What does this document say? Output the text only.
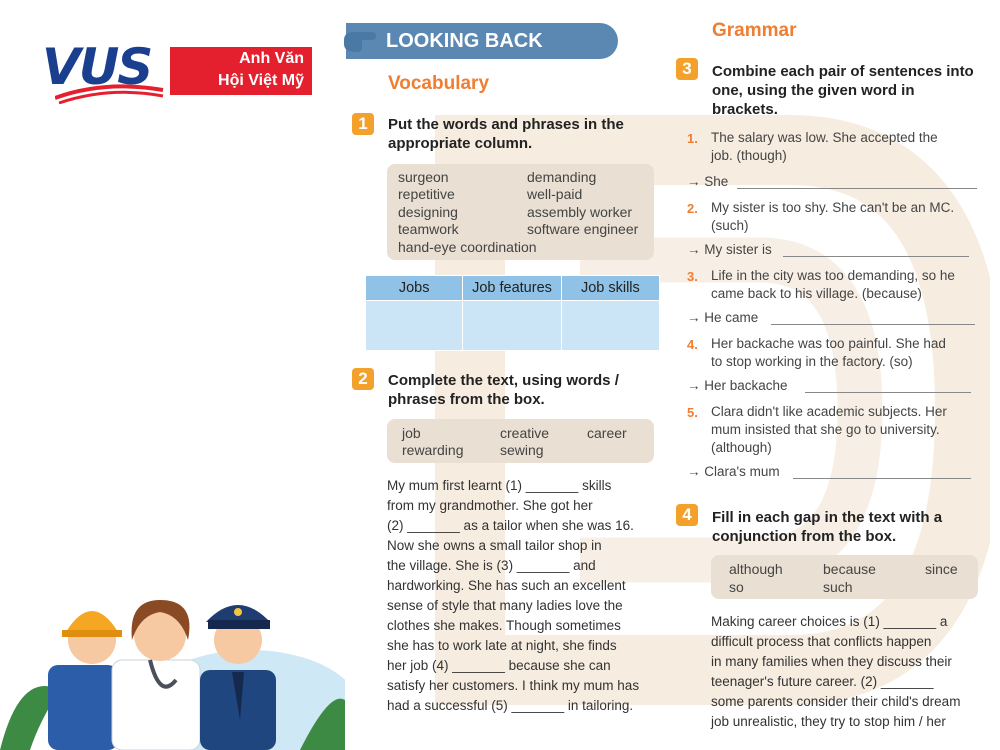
VUS	Anh Văn
Hội Việt Mỹ
LOOKING BACK
Vocabulary
1	Put the words and phrases in the appropriate column.
surgeon	demanding
repetitive	well-paid
designing	assembly worker
teamwork	software engineer
hand-eye coordination
Jobs	Job features	Job skills

2	Complete the text, using words / phrases from the box.
job	creative	career
rewarding	sewing
My mum first learnt (1) _______ skills
from my grandmother. She got her
(2) _______ as a tailor when she was 16.
Now she owns a small tailor shop in
the village. She is (3) _______ and
hardworking. She has such an excellent
sense of style that many ladies love the
clothes she makes. Though sometimes
she has to work late at night, she finds
her job (4) _______ because she can
satisfy her customers. I think my mum has
had a successful (5) _______ in tailoring.
Grammar
3	Combine each pair of sentences into one, using the given word in brackets.
1. The salary was low. She accepted the
job. (though)
→ She
2. My sister is too shy. She can't be an MC.
(such)
→ My sister is
3. Life in the city was too demanding, so he
came back to his village. (because)
→ He came
4. Her backache was too painful. She had
to stop working in the factory. (so)
→ Her backache
5. Clara didn't like academic subjects. Her
mum insisted that she go to university.
(although)
→ Clara's mum
4	Fill in each gap in the text with a conjunction from the box.
although	because	since
so	such
Making career choices is (1) _______ a
difficult process that conflicts happen
in many families when they discuss their
teenager's future career. (2) _______
some parents consider their child's dream
job unrealistic, they try to stop him / her
